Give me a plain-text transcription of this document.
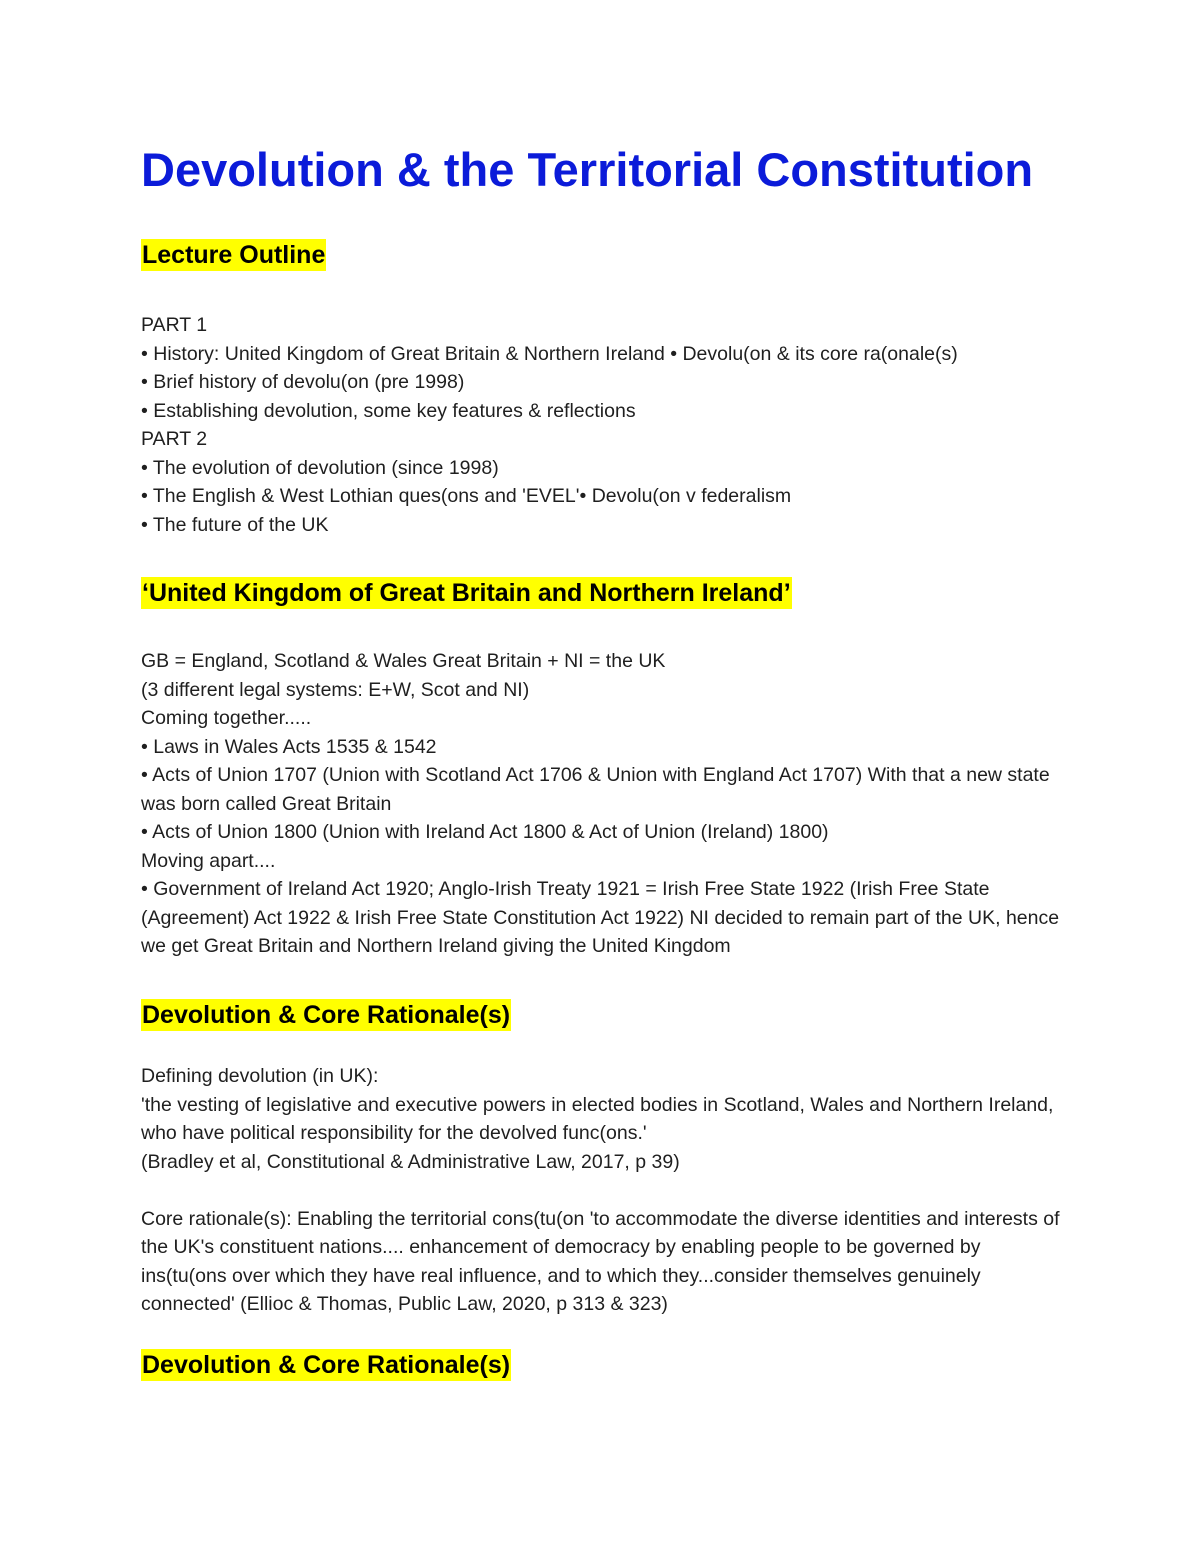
Devolution & the Territorial Constitution
Lecture Outline
PART 1
• History: United Kingdom of Great Britain & Northern Ireland • Devolu(on & its core ra(onale(s)
• Brief history of devolu(on (pre 1998)
• Establishing devolution, some key features & reflections
PART 2
• The evolution of devolution (since 1998)
• The English & West Lothian ques(ons and 'EVEL'• Devolu(on v federalism
• The future of the UK
‘United Kingdom of Great Britain and Northern Ireland’
GB = England, Scotland & Wales Great Britain + NI = the UK
(3 different legal systems: E+W, Scot and NI)
Coming together.....
• Laws in Wales Acts 1535 & 1542
• Acts of Union 1707 (Union with Scotland Act 1706 & Union with England Act 1707) With that a new state was born called Great Britain
• Acts of Union 1800 (Union with Ireland Act 1800 & Act of Union (Ireland) 1800)
Moving apart....
• Government of Ireland Act 1920; Anglo-Irish Treaty 1921 = Irish Free State 1922 (Irish Free State (Agreement) Act 1922 & Irish Free State Constitution Act 1922) NI decided to remain part of the UK, hence we get Great Britain and Northern Ireland giving the United Kingdom
Devolution & Core Rationale(s)
Defining devolution (in UK):
'the vesting of legislative and executive powers in elected bodies in Scotland, Wales and Northern Ireland, who have political responsibility for the devolved func(ons.'
(Bradley et al, Constitutional & Administrative Law, 2017, p 39)

Core rationale(s): Enabling the territorial cons(tu(on 'to accommodate the diverse identities and interests of the UK's constituent nations.... enhancement of democracy by enabling people to be governed by ins(tu(ons over which they have real influence, and to which they...consider themselves genuinely connected' (Ellioc & Thomas, Public Law, 2020, p 313 & 323)
Devolution & Core Rationale(s)
